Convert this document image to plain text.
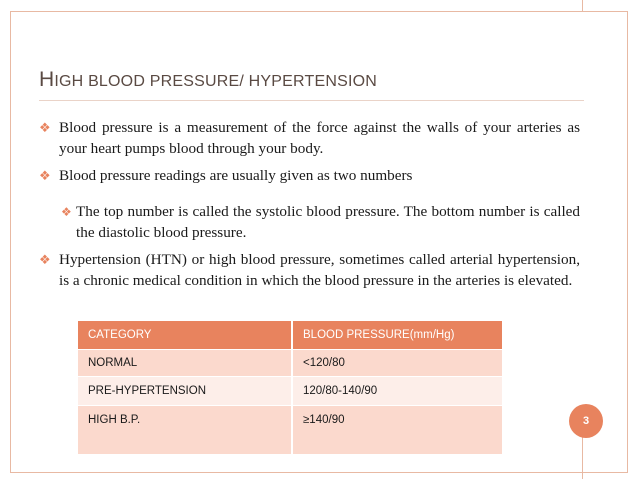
HIGH BLOOD PRESSURE/ HYPERTENSION

❖ Blood pressure is a measurement of the force against the walls of your arteries as your heart pumps blood through your body.

❖ Blood pressure readings are usually given as two numbers

❖ The top number is called the systolic blood pressure. The bottom number is called the diastolic blood pressure.

❖ Hypertension (HTN) or high blood pressure, sometimes called arterial hypertension, is a chronic medical condition in which the blood pressure in the arteries is elevated.

CATEGORY	BLOOD PRESSURE(mm/Hg)
NORMAL	<120/80
PRE-HYPERTENSION	120/80-140/90
HIGH B.P.	≥140/90	3
